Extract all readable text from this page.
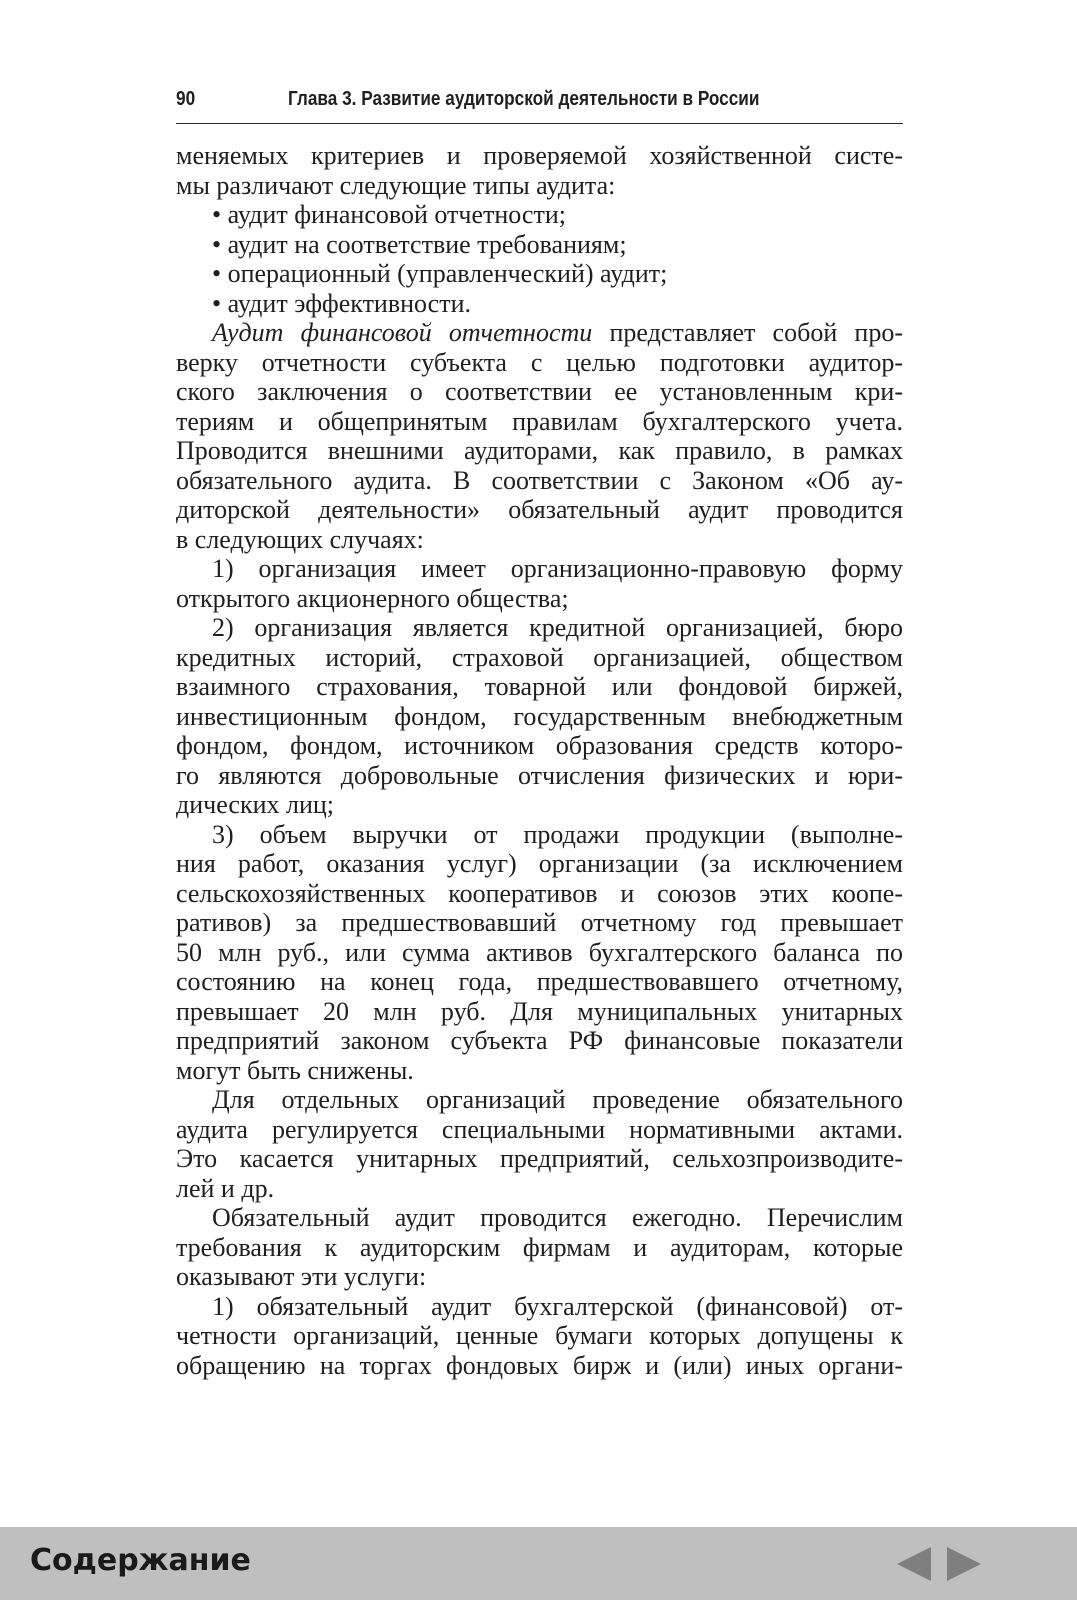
90	Глава 3. Развитие аудиторской деятельности в России
меняемых критериев и проверяемой хозяйственной систе-
мы различают следующие типы аудита:
• аудит финансовой отчетности;
• аудит на соответствие требованиям;
• операционный (управленческий) аудит;
• аудит эффективности.
Аудит финансовой отчетности представляет собой про-
верку отчетности субъекта с целью подготовки аудитор-
ского заключения о соответствии ее установленным кри-
териям и общепринятым правилам бухгалтерского учета.
Проводится внешними аудиторами, как правило, в рамках
обязательного аудита. В соответствии с Законом «Об ау-
диторской деятельности» обязательный аудит проводится
в следующих случаях:
1) организация имеет организационно-правовую форму
открытого акционерного общества;
2) организация является кредитной организацией, бюро
кредитных историй, страховой организацией, обществом
взаимного страхования, товарной или фондовой биржей,
инвестиционным фондом, государственным внебюджетным
фондом, фондом, источником образования средств которо-
го являются добровольные отчисления физических и юри-
дических лиц;
3) объем выручки от продажи продукции (выполне-
ния работ, оказания услуг) организации (за исключением
сельскохозяйственных кооперативов и союзов этих коопе-
ративов) за предшествовавший отчетному год превышает
50 млн руб., или сумма активов бухгалтерского баланса по
состоянию на конец года, предшествовавшего отчетному,
превышает 20 млн руб. Для муниципальных унитарных
предприятий законом субъекта РФ финансовые показатели
могут быть снижены.
Для отдельных организаций проведение обязательного
аудита регулируется специальными нормативными актами.
Это касается унитарных предприятий, сельхозпроизводите-
лей и др.
Обязательный аудит проводится ежегодно. Перечислим
требования к аудиторским фирмам и аудиторам, которые
оказывают эти услуги:
1) обязательный аудит бухгалтерской (финансовой) от-
четности организаций, ценные бумаги которых допущены к
обращению на торгах фондовых бирж и (или) иных органи-
Содержание
